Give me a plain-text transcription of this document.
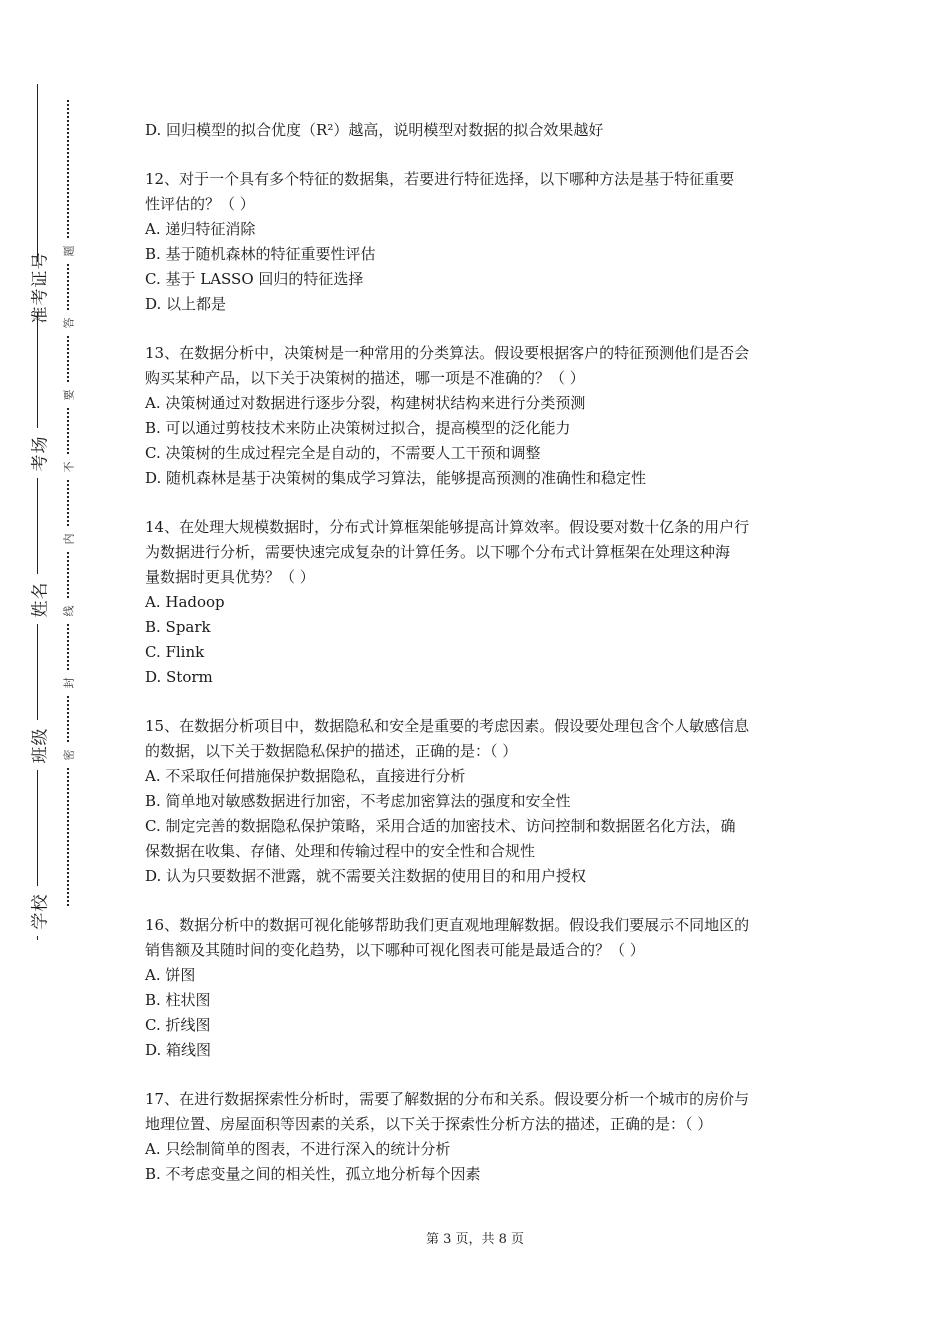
准考证号
考场
姓名
班级
学校
题
答
要
不
内
线
封
密
D. 回归模型的拟合优度（R²）越高，说明模型对数据的拟合效果越好
12、对于一个具有多个特征的数据集，若要进行特征选择，以下哪种方法是基于特征重要
性评估的？（ ）
A. 递归特征消除
B. 基于随机森林的特征重要性评估
C. 基于 LASSO 回归的特征选择
D. 以上都是
13、在数据分析中，决策树是一种常用的分类算法。假设要根据客户的特征预测他们是否会
购买某种产品，以下关于决策树的描述，哪一项是不准确的？（ ）
A. 决策树通过对数据进行逐步分裂，构建树状结构来进行分类预测
B. 可以通过剪枝技术来防止决策树过拟合，提高模型的泛化能力
C. 决策树的生成过程完全是自动的，不需要人工干预和调整
D. 随机森林是基于决策树的集成学习算法，能够提高预测的准确性和稳定性
14、在处理大规模数据时，分布式计算框架能够提高计算效率。假设要对数十亿条的用户行
为数据进行分析，需要快速完成复杂的计算任务。以下哪个分布式计算框架在处理这种海
量数据时更具优势？（ ）
A. Hadoop
B. Spark
C. Flink
D. Storm
15、在数据分析项目中，数据隐私和安全是重要的考虑因素。假设要处理包含个人敏感信息
的数据，以下关于数据隐私保护的描述，正确的是：（ ）
A. 不采取任何措施保护数据隐私，直接进行分析
B. 简单地对敏感数据进行加密，不考虑加密算法的强度和安全性
C. 制定完善的数据隐私保护策略，采用合适的加密技术、访问控制和数据匿名化方法，确
保数据在收集、存储、处理和传输过程中的安全性和合规性
D. 认为只要数据不泄露，就不需要关注数据的使用目的和用户授权
16、数据分析中的数据可视化能够帮助我们更直观地理解数据。假设我们要展示不同地区的
销售额及其随时间的变化趋势，以下哪种可视化图表可能是最适合的？（ ）
A. 饼图
B. 柱状图
C. 折线图
D. 箱线图
17、在进行数据探索性分析时，需要了解数据的分布和关系。假设要分析一个城市的房价与
地理位置、房屋面积等因素的关系，以下关于探索性分析方法的描述，正确的是：（ ）
A. 只绘制简单的图表，不进行深入的统计分析
B. 不考虑变量之间的相关性，孤立地分析每个因素
第 3 页，共 8 页
